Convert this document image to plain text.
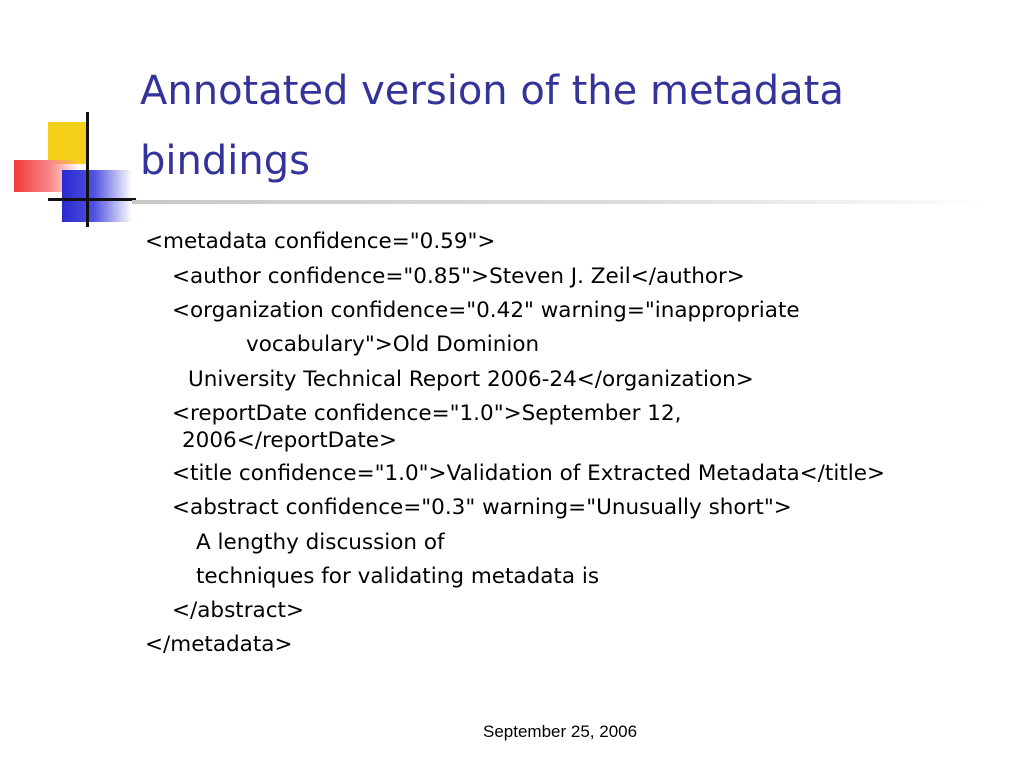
Annotated version of the metadata
bindings
<metadata confidence="0.59">
<author confidence="0.85">Steven J. Zeil</author>
<organization confidence="0.42" warning="inappropriate
vocabulary">Old Dominion
University Technical Report 2006-24</organization>
<reportDate confidence="1.0">September 12,
2006</reportDate>
<title confidence="1.0">Validation of Extracted Metadata</title>
<abstract confidence="0.3" warning="Unusually short">
A lengthy discussion of
techniques for validating metadata is
</abstract>
</metadata>
September 25, 2006
